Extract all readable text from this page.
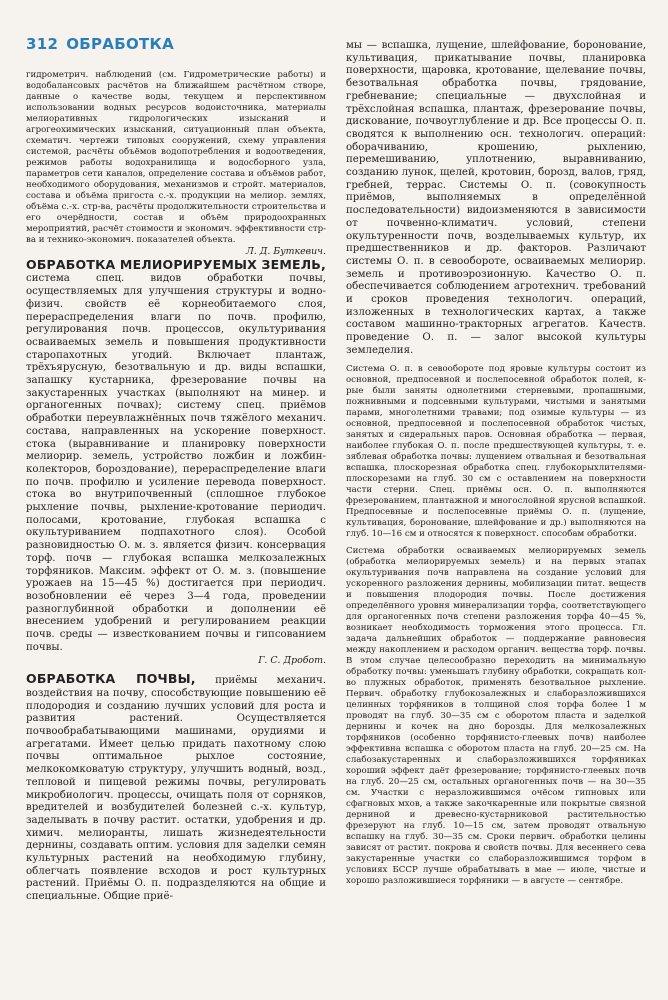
312 ОБРАБОТКА

гидрометрич. наблюдений (см. Гидрометрические работы) и водобалансовых расчётов на ближайшем расчётном створе, данные о качестве воды, текущем и перспективном использовании водных ресурсов водоисточника, материалы мелиоративных гидрологических изысканий и агрогеохимических изысканий, ситуационный план объекта, схематич. чертежи типовых сооружений, схему управления системой, расчёты объёмов водопотребления и водоотведения, режимов работы водохранилища и водосборного узла, параметров сети каналов, определение состава и объёмов работ, необходимого оборудования, механизмов и стройт. материалов, состава и объёма пригоста с.-х. продукции на мелиор. землях, объёма с.-х. стр-ва, расчёты продолжительности строительства и его очерёдности, состав и объём природоохранных мероприятий, расчёт стоимости и экономич. эффективности стр-ва и технико-экономич. показателей объекта.

Л. Д. Буткевич.

ОБРАБОТКА МЕЛИОРИРУЕМЫХ ЗЕМЕЛЬ, система спец. видов обработки почвы, осуществляемых для улучшения структуры и водно-физич. свойств её корнеобитаемого слоя, перераспределения влаги по почв. профилю, регулирования почв. процессов, окультуривания осваиваемых земель и повышения продуктивности старопахотных угодий. Включает плантаж, трёхъярусную, безотвальную и др. виды вспашки, запашку кустарника, фрезерование почвы на закустаренных участках (выполняют на минер. и органогенных почвах); систему спец. приёмов обработки переувлажнённых почв тяжёлого механич. состава, направленных на ускорение поверхност. стока (выравнивание и планировку поверхности мелиорир. земель, устройство ложбин и ложбин-колекторов, бороздование), перераспределение влаги по почв. профилю и усиление перевода поверхност. стока во внутрипочвенный (сплошное глубокое рыхление почвы, рыхление-кротование периодич. полосами, кротование, глубокая вспашка с окультуриванием подпахотного слоя). Особой разновидностью О. м. з. является физич. консервация торф. почв — глубокая вспашка мелкозалежных торфяников. Максим. эффект от О. м. з. (повышение урожаев на 15—45 %) достигается при периодич. возобновлении её через 3—4 года, проведении разноглубинной обработки и дополнении её внесением удобрений и регулированием реакции почв. среды — известкованием почвы и гипсованием почвы.

Г. С. Дробот.

ОБРАБОТКА ПОЧВЫ, приёмы механич. воздействия на почву, способствующие повышению её плодородия и созданию лучших условий для роста и развития растений. Осуществляется почвообрабатывающими машинами, орудиями и агрегатами. Имеет целью придать пахотному слою почвы оптимальное рыхлое состояние, мелкокомковатую структуру, улучшить водный, возд., тепловой и пищевой режимы почвы, регулировать микробиологич. процессы, очищать поля от сорняков, вредителей и возбудителей болезней с.-х. культур, заделывать в почву растит. остатки, удобрения и др. химич. мелиоранты, лишать жизнедеятельности дернины, создавать оптим. условия для заделки семян культурных растений на необходимую глубину, облегчать появление всходов и рост культурных растений. Приёмы О. п. подразделяются на общие и специальные. Общие приё-

мы — вспашка, лущение, шлейфование, боронование, культивация, прикатывание почвы, планировка поверхности, щаровка, кротование, щелевание почвы, безотвальная обработка почвы, грядование, гребневание; специальные — двухслойная и трёхслойная вспашка, плантаж, фрезерование почвы, дискование, почвоуглубление и др. Все процессы О. п. сводятся к выполнению осн. технологич. операций: оборачиванию, крошению, рыхлению, перемешиванию, уплотнению, выравниванию, созданию лунок, щелей, кротовин, борозд, валов, гряд, гребней, террас. Системы О. п. (совокупность приёмов, выполняемых в определённой последовательности) видоизменяются в зависимости от почвенно-климатич. условий, степени окультуренности почв, возделываемых культур, их предшественников и др. факторов. Различают системы О. п. в севообороте, осваиваемых мелиорир. земель и противоэрозионную. Качество О. п. обеспечивается соблюдением агротехнич. требований и сроков проведения технологич. операций, изложенных в технологических картах, а также составом машинно-тракторных агрегатов. Качеств. проведение О. п. — залог высокой культуры земледелия.

Система О. п. в севообороте под яровые культуры состоит из основной, предпосевной и послепосевной обработок полей, к-рые были заняты однолетними стерневыми, пропашными, пожнивными и подсевными культурами, чистыми и занятыми парами, многолетними травами; под озимые культуры — из основной, предпосевной и послепосевной обработок чистых, занятых и сидеральных паров. Основная обработка — первая, наиболее глубокая О. п. после предшествующей культуры, т. е. зяблевая обработка почвы: лущением отвальная и безотвальная вспашка, плоскорезная обработка спец. глубокорыхлителями-плоскорезами на глуб. 30 см с оставлением на поверхности части стерни. Спец. приёмы осн. О. п. выполняются фрезерованием, плантажной и многослойной ярусной вспашкой. Предпосевные и послепосевные приёмы О. п. (лущение, культивация, боронование, шлейфование и др.) выполняются на глуб. 10—16 см и относятся к поверхност. способам обработки.

Система обработки осваиваемых мелиорируемых земель (обработка мелиорируемых земель) и на первых этапах окультуривания почв направлена на создание условий для ускоренного разложения дернины, мобилизации питат. веществ и повышения плодородия почвы. После достижения определённого уровня минерализации торфа, соответствующего для органогенных почв степени разложения торфа 40—45 %, возникает необходимость торможения этого процесса. Гл. задача дальнейших обработок — поддержание равновесия между накоплением и расходом органич. вещества торф. почвы. В этом случае целесообразно переходить на минимальную обработку почвы: уменьшать глубину обработки, сокращать кол-во плужных обработок, применять безотвальное рыхление. Первич. обработку глубокозалежных и слаборазложившихся целинных торфяников в толщиной слоя торфа более 1 м проводят на глуб. 30—35 см с оборотом пласта и заделкой дернины и кочек на дно борозды. Для мелкозалежных торфяников (особенно торфянисто-глеевых почв) наиболее эффективна вспашка с оборотом пласта на глуб. 20—25 см. На слабозакустаренных и слаборазложившихся торфяниках хороший эффект даёт фрезерование; торфянисто-глеевых почв на глуб. 20—25 см, остальных органогенных почв — на 30—35 см. Участки с неразложившимся очёсом гипновых или сфагновых мхов, а также закочкаренные или покрытые связной дерниной и древесно-кустарниковой растительностью фрезеруют на глуб. 10—15 см, затем проводят отвальную вспашку на глуб. 30—35 см. Сроки первич. обработки целины зависят от растит. покрова и свойств почвы. Для весеннего сева закустаренные участки со слаборазложившимся торфом в условиях БССР лучше обрабатывать в мае — июле, чистые и хорошо разложившиеся торфяники — в августе — сентябре.
